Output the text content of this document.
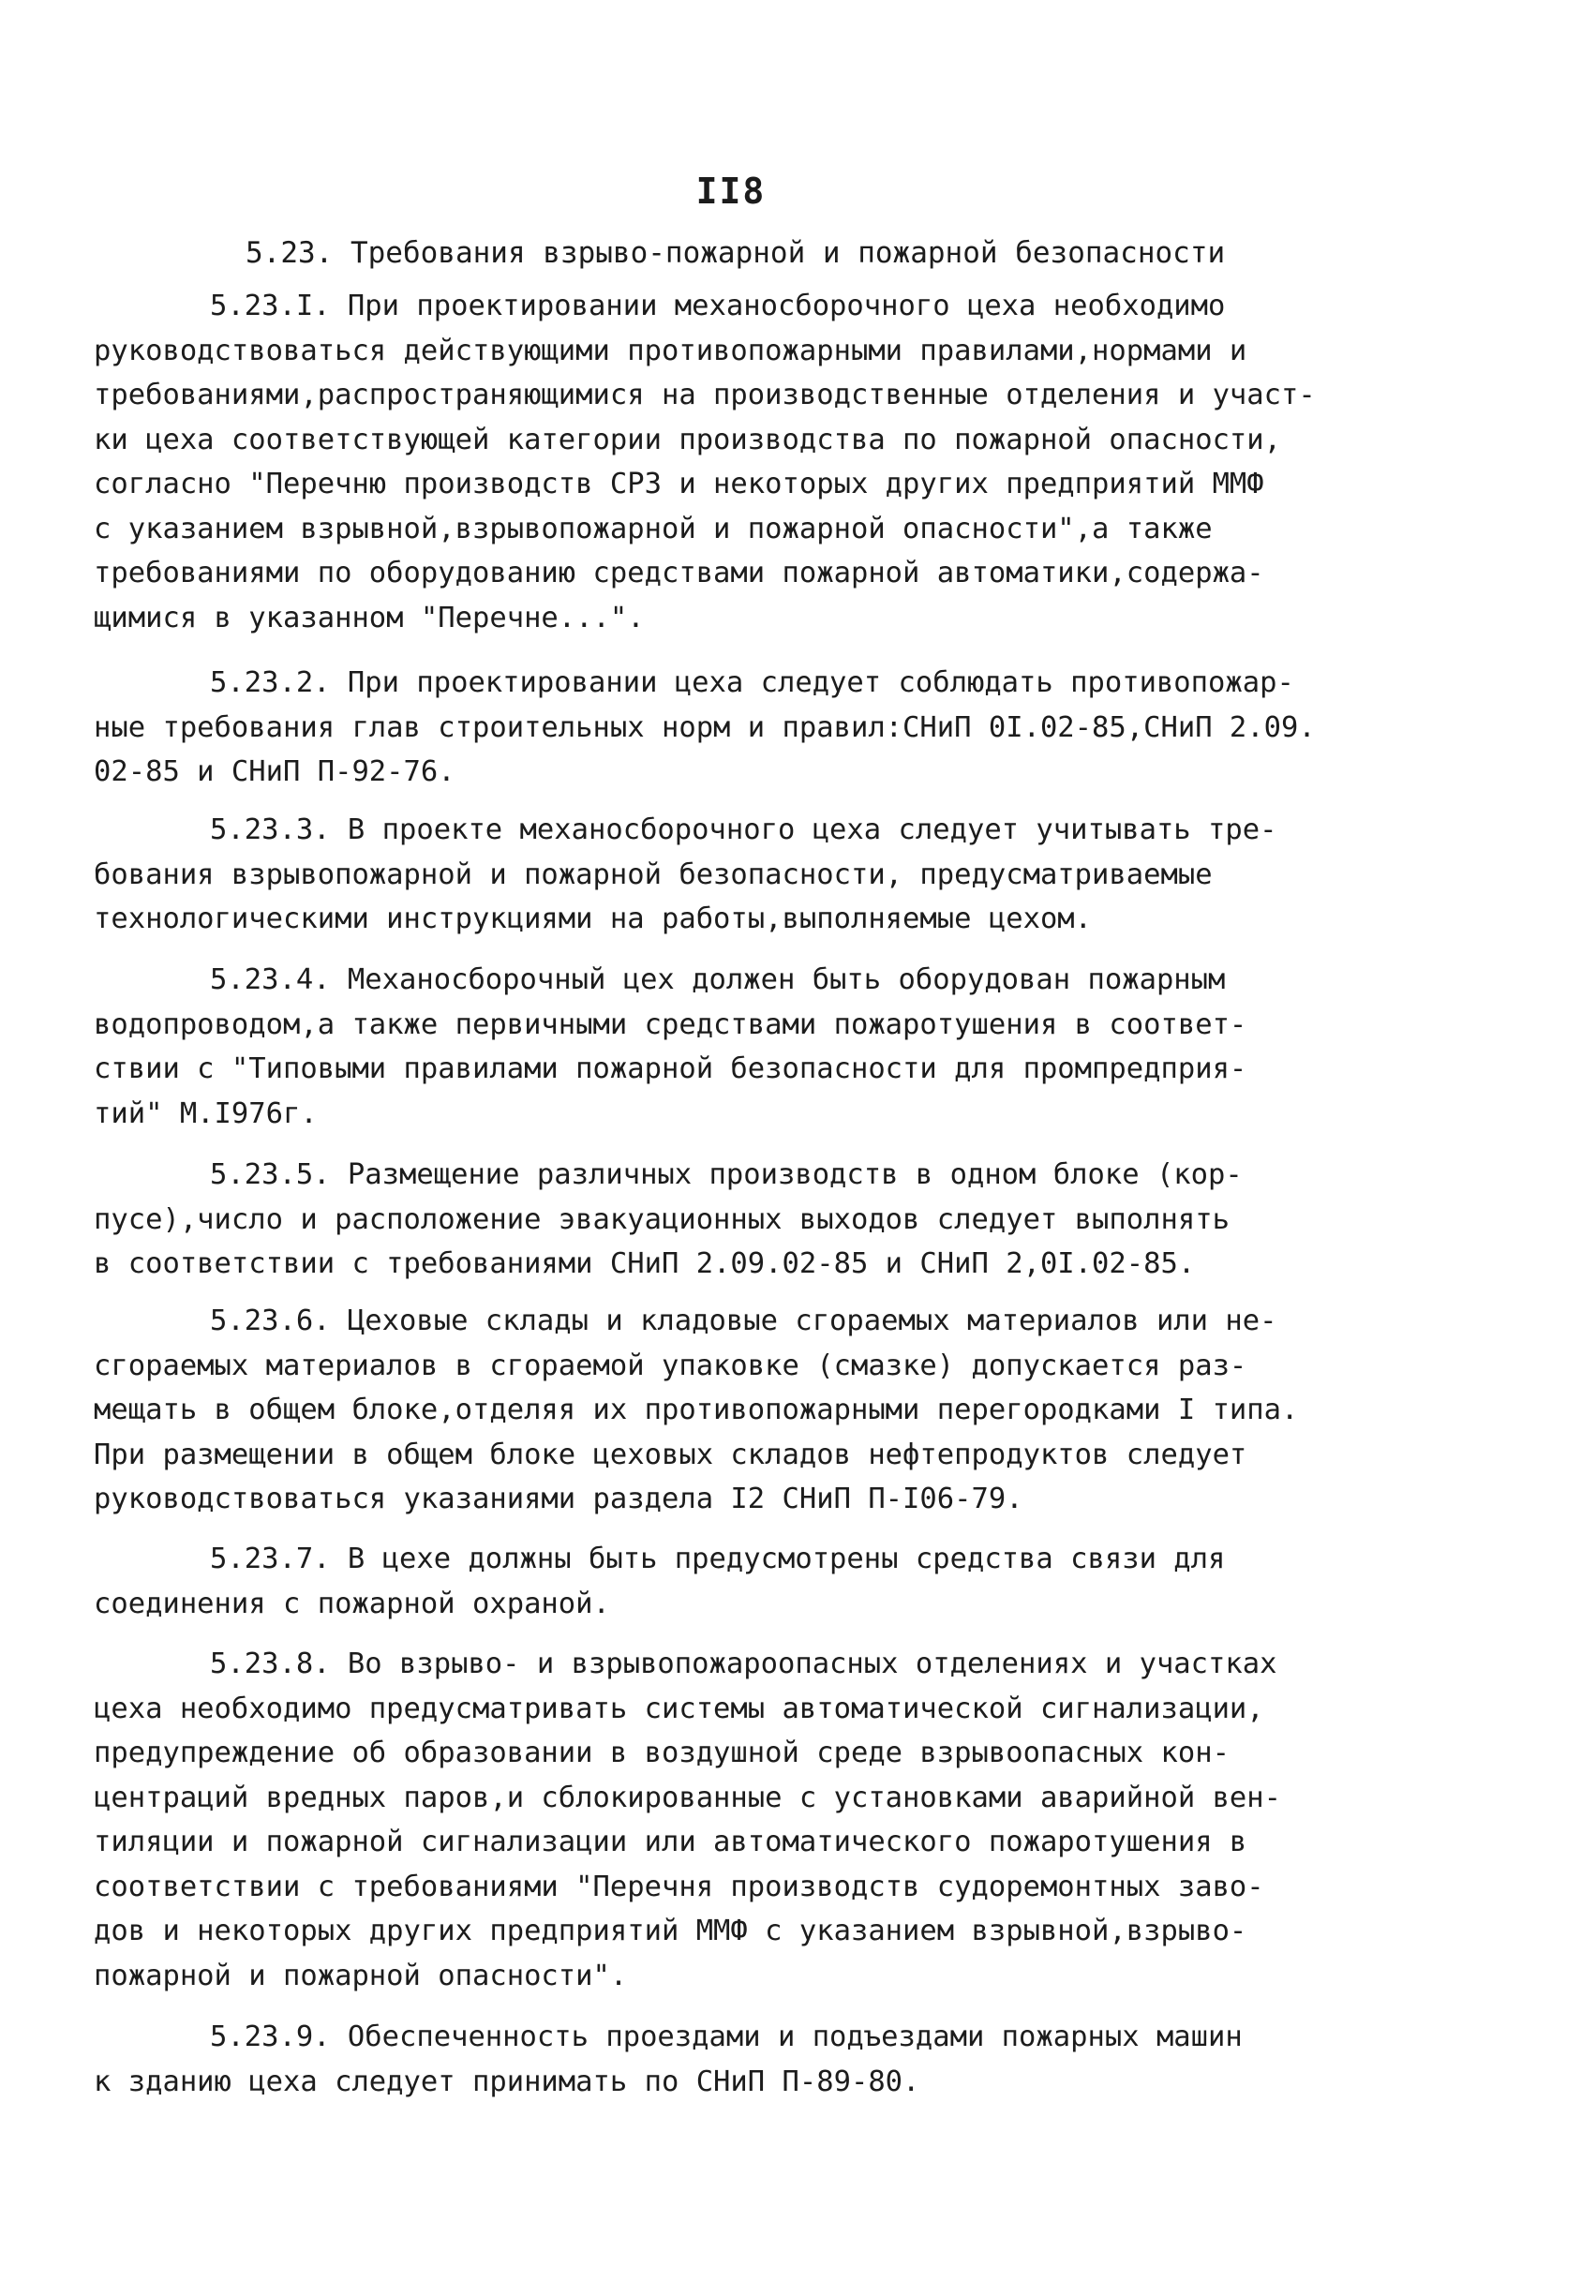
II8
5.23. Требования взрыво-пожарной и пожарной безопасности
5.23.I. При проектировании механосборочного цеха необходимо
руководствоваться действующими противопожарными правилами,нормами и
требованиями,распространяющимися на производственные отделения и участ-
ки цеха соответствующей категории производства по пожарной опасности,
согласно "Перечню производств СРЗ и некоторых других предприятий ММФ
с указанием взрывной,взрывопожарной и пожарной опасности",а также
требованиями по оборудованию средствами пожарной автоматики,содержа-
щимися в указанном "Перечне...".
5.23.2. При проектировании цеха следует соблюдать противопожар-
ные требования глав строительных норм и правил:СНиП 0I.02-85,СНиП 2.09.
02-85 и СНиП П-92-76.
5.23.3. В проекте механосборочного цеха следует учитывать тре-
бования взрывопожарной и пожарной безопасности, предусматриваемые
технологическими инструкциями на работы,выполняемые цехом.
5.23.4. Механосборочный цех должен быть оборудован пожарным
водопроводом,а также первичными средствами пожаротушения в соответ-
ствии с "Типовыми правилами пожарной безопасности для промпредприя-
тий" М.I976г.
5.23.5. Размещение различных производств в одном блоке (кор-
пусе),число и расположение эвакуационных выходов следует выполнять
в соответствии с требованиями СНиП 2.09.02-85 и СНиП 2,0I.02-85.
5.23.6. Цеховые склады и кладовые сгораемых материалов или не-
сгораемых материалов в сгораемой упаковке (смазке) допускается раз-
мещать в общем блоке,отделяя их противопожарными перегородками I типа.
При размещении в общем блоке цеховых складов нефтепродуктов следует
руководствоваться указаниями раздела I2 СНиП П-I06-79.
5.23.7. В цехе должны быть предусмотрены средства связи для
соединения с пожарной охраной.
5.23.8. Во взрыво- и взрывопожароопасных отделениях и участках
цеха необходимо предусматривать системы автоматической сигнализации,
предупреждение об образовании в воздушной среде взрывоопасных кон-
центраций вредных паров,и сблокированные с установками аварийной вен-
тиляции и пожарной сигнализации или автоматического пожаротушения в
соответствии с требованиями "Перечня производств судоремонтных заво-
дов и некоторых других предприятий ММФ с указанием взрывной,взрыво-
пожарной и пожарной опасности".
5.23.9. Обеспеченность проездами и подъездами пожарных машин
к зданию цеха следует принимать по СНиП П-89-80.
